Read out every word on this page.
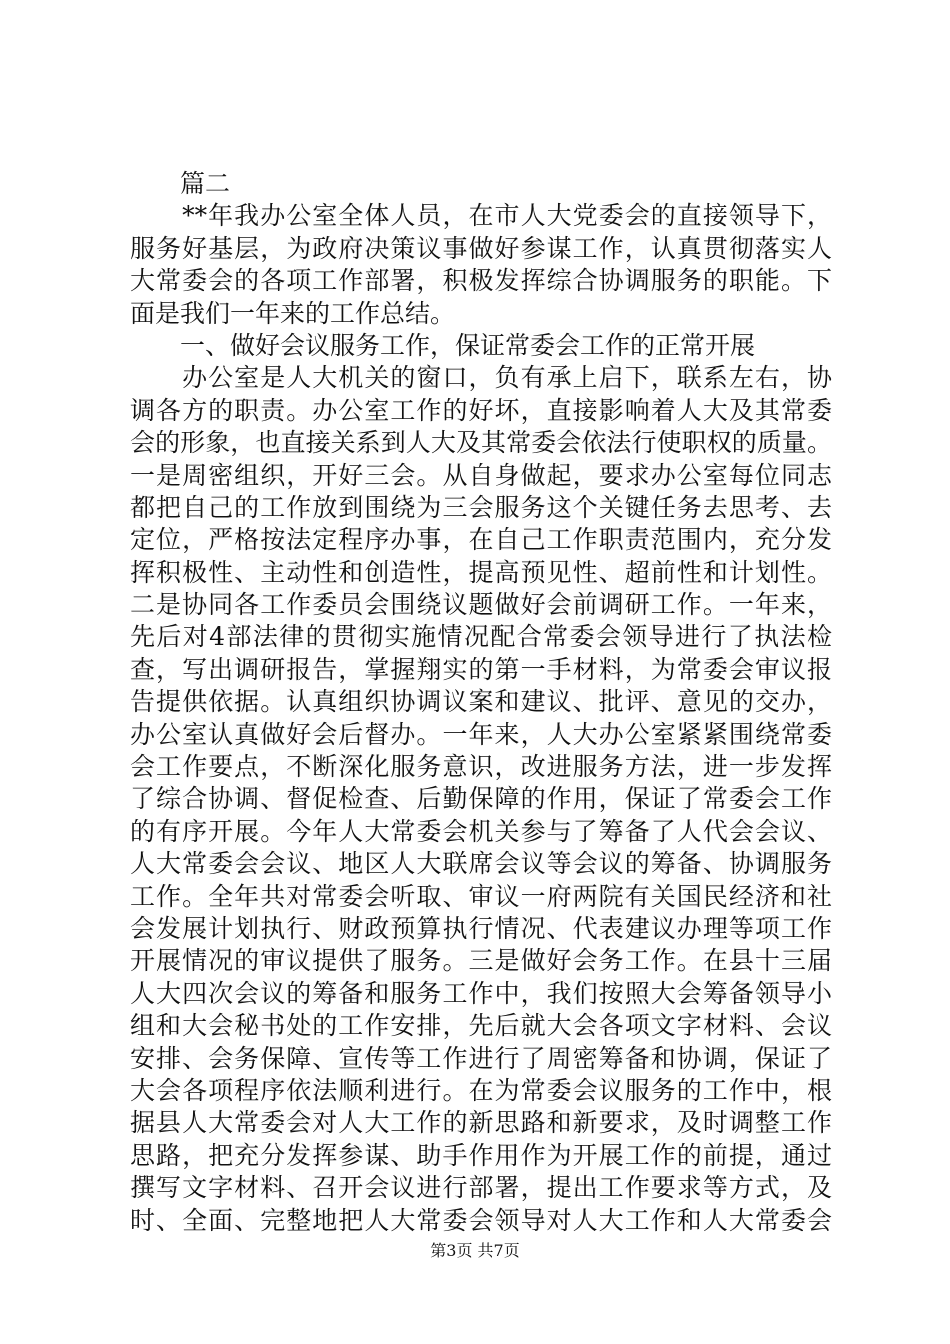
　　篇二
　　**年我办公室全体人员，在市人大党委会的直接领导下，
服务好基层，为政府决策议事做好参谋工作，认真贯彻落实人
大常委会的各项工作部署，积极发挥综合协调服务的职能。下
面是我们一年来的工作总结。
　　一、做好会议服务工作，保证常委会工作的正常开展
　　办公室是人大机关的窗口，负有承上启下，联系左右，协
调各方的职责。办公室工作的好坏，直接影响着人大及其常委
会的形象，也直接关系到人大及其常委会依法行使职权的质量。
一是周密组织，开好三会。从自身做起，要求办公室每位同志
都把自己的工作放到围绕为三会服务这个关键任务去思考、去
定位，严格按法定程序办事，在自己工作职责范围内，充分发
挥积极性、主动性和创造性，提高预见性、超前性和计划性。
二是协同各工作委员会围绕议题做好会前调研工作。一年来，
先后对4部法律的贯彻实施情况配合常委会领导进行了执法检
查，写出调研报告，掌握翔实的第一手材料，为常委会审议报
告提供依据。认真组织协调议案和建议、批评、意见的交办，
办公室认真做好会后督办。一年来，人大办公室紧紧围绕常委
会工作要点，不断深化服务意识，改进服务方法，进一步发挥
了综合协调、督促检查、后勤保障的作用，保证了常委会工作
的有序开展。今年人大常委会机关参与了筹备了人代会会议、
人大常委会会议、地区人大联席会议等会议的筹备、协调服务
工作。全年共对常委会听取、审议一府两院有关国民经济和社
会发展计划执行、财政预算执行情况、代表建议办理等项工作
开展情况的审议提供了服务。三是做好会务工作。在县十三届
人大四次会议的筹备和服务工作中，我们按照大会筹备领导小
组和大会秘书处的工作安排，先后就大会各项文字材料、会议
安排、会务保障、宣传等工作进行了周密筹备和协调，保证了
大会各项程序依法顺利进行。在为常委会议服务的工作中，根
据县人大常委会对人大工作的新思路和新要求，及时调整工作
思路，把充分发挥参谋、助手作用作为开展工作的前提，通过
撰写文字材料、召开会议进行部署，提出工作要求等方式，及
时、全面、完整地把人大常委会领导对人大工作和人大常委会
第3页 共7页
